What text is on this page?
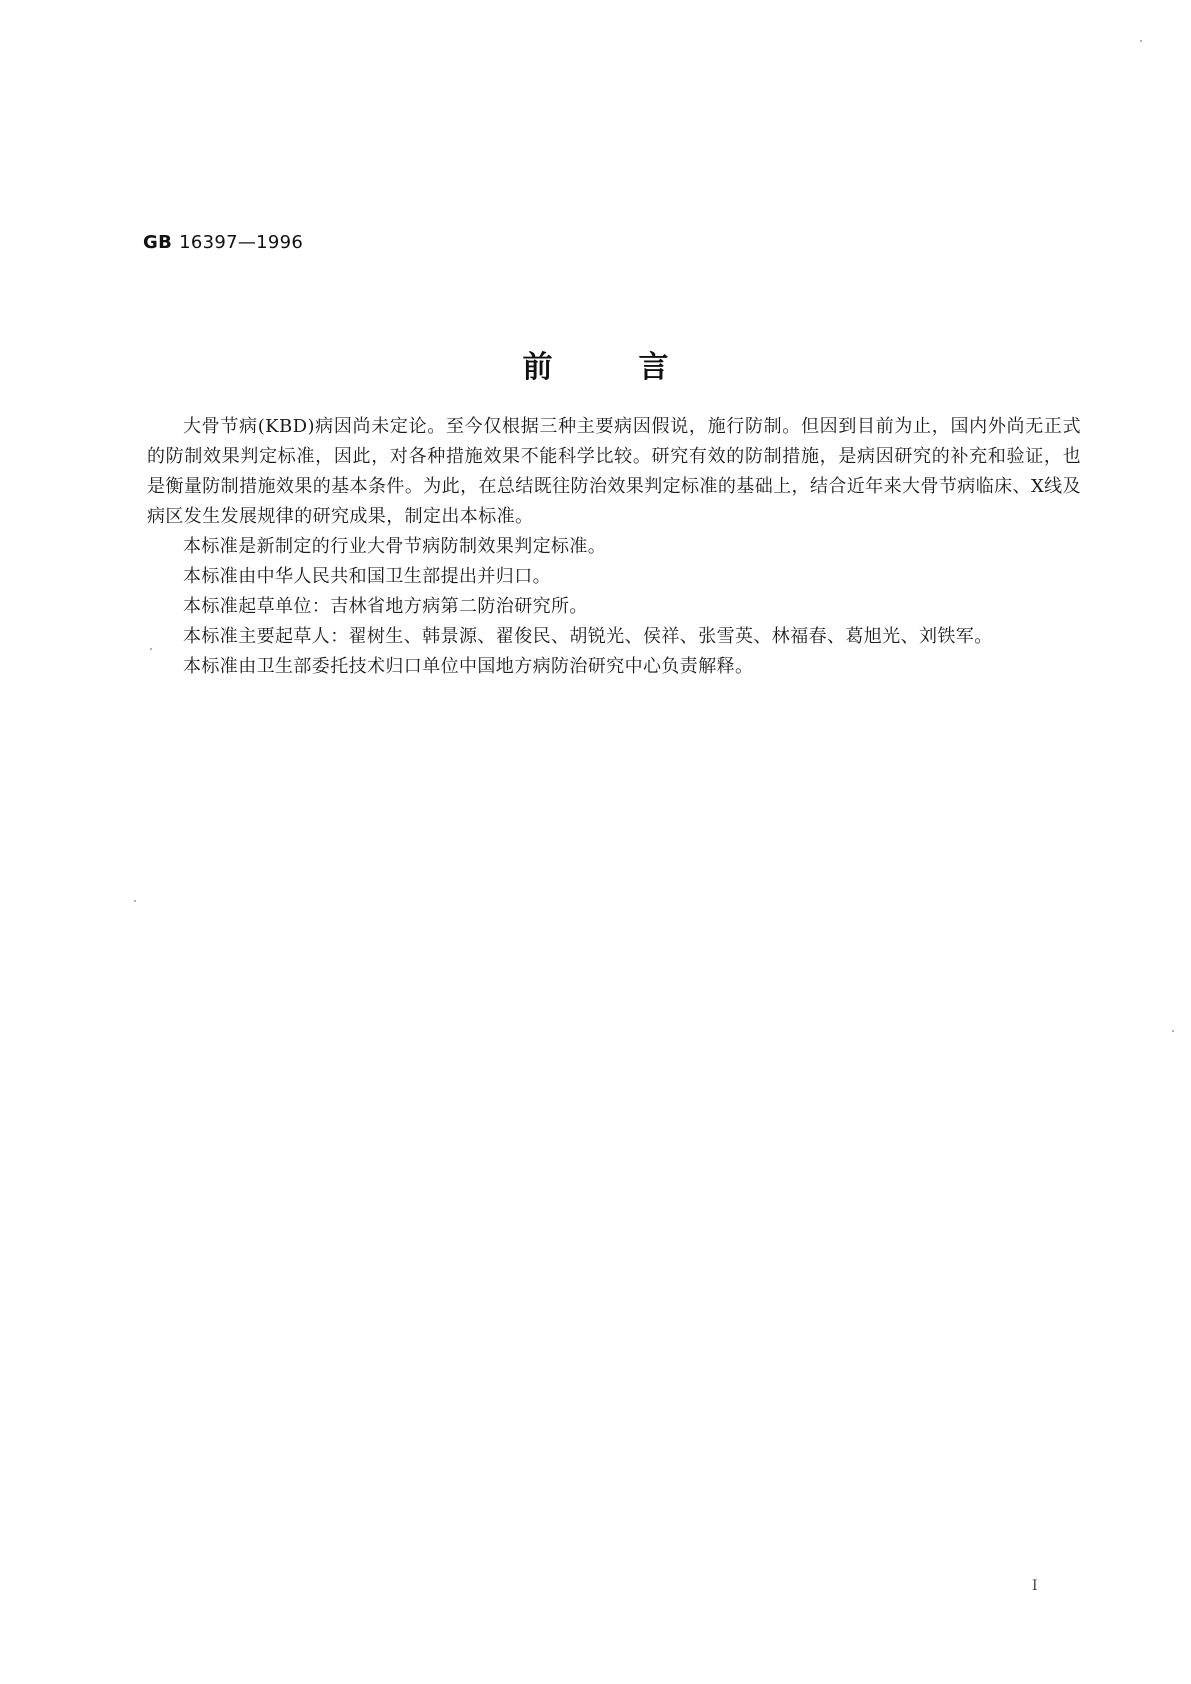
GB 16397—1996
前	言

大骨节病(KBD)病因尚未定论。至今仅根据三种主要病因假说，施行防制。但因到目前为止，国内外尚无正式的防制效果判定标准，因此，对各种措施效果不能科学比较。研究有效的防制措施，是病因研究的补充和验证，也是衡量防制措施效果的基本条件。为此，在总结既往防治效果判定标准的基础上，结合近年来大骨节病临床、X线及病区发生发展规律的研究成果，制定出本标准。

本标准是新制定的行业大骨节病防制效果判定标准。

本标准由中华人民共和国卫生部提出并归口。

本标准起草单位：吉林省地方病第二防治研究所。

本标准主要起草人：翟树生、韩景源、翟俊民、胡锐光、侯祥、张雪英、林福春、葛旭光、刘铁军。

本标准由卫生部委托技术归口单位中国地方病防治研究中心负责解释。

I
